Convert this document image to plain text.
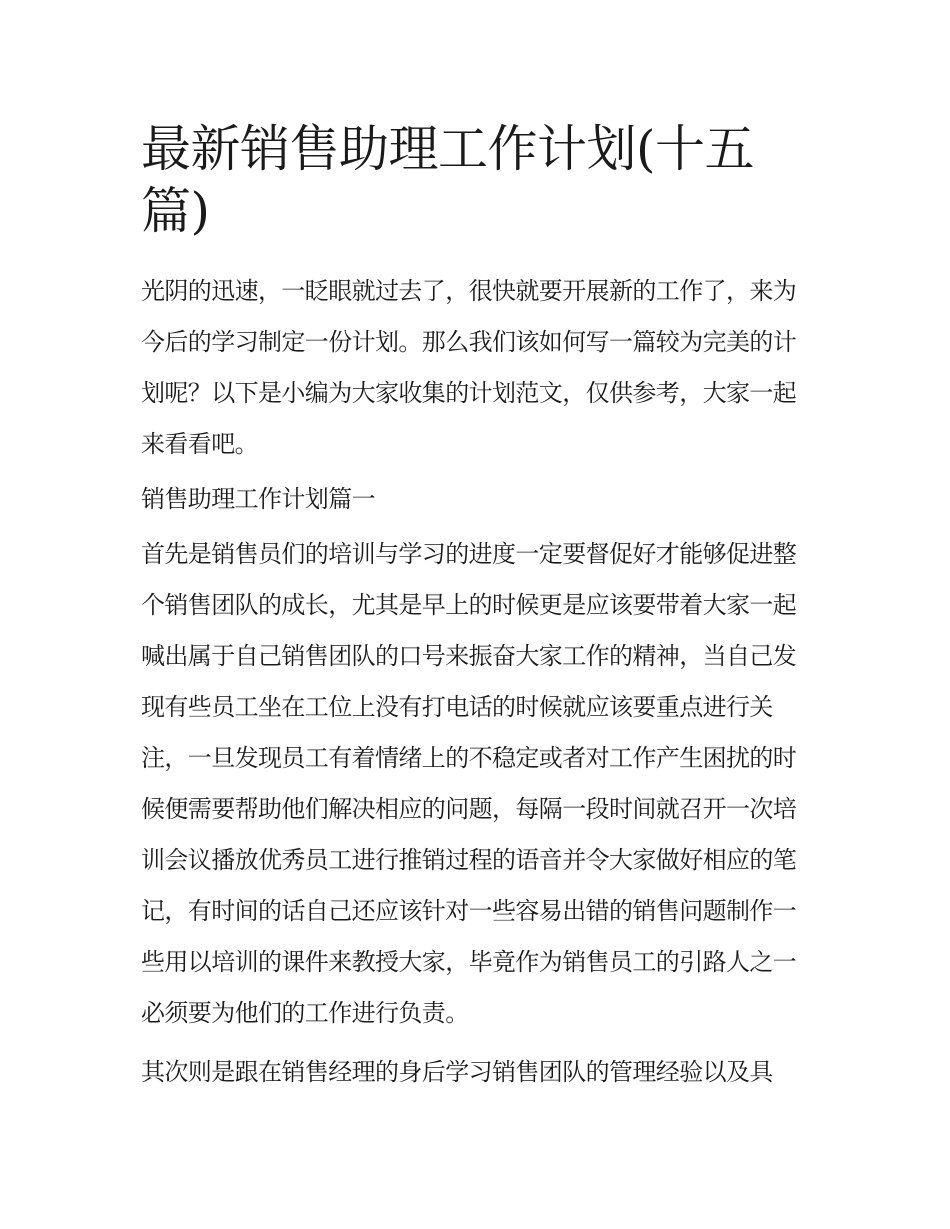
最新销售助理工作计划(十五篇)

光阴的迅速，一眨眼就过去了，很快就要开展新的工作了，来为今后的学习制定一份计划。那么我们该如何写一篇较为完美的计划呢？以下是小编为大家收集的计划范文，仅供参考，大家一起来看看吧。

销售助理工作计划篇一

首先是销售员们的培训与学习的进度一定要督促好才能够促进整个销售团队的成长，尤其是早上的时候更是应该要带着大家一起喊出属于自己销售团队的口号来振奋大家工作的精神，当自己发现有些员工坐在工位上没有打电话的时候就应该要重点进行关注，一旦发现员工有着情绪上的不稳定或者对工作产生困扰的时候便需要帮助他们解决相应的问题，每隔一段时间就召开一次培训会议播放优秀员工进行推销过程的语音并令大家做好相应的笔记，有时间的话自己还应该针对一些容易出错的销售问题制作一些用以培训的课件来教授大家，毕竟作为销售员工的引路人之一必须要为他们的工作进行负责。

其次则是跟在销售经理的身后学习销售团队的管理经验以及具
